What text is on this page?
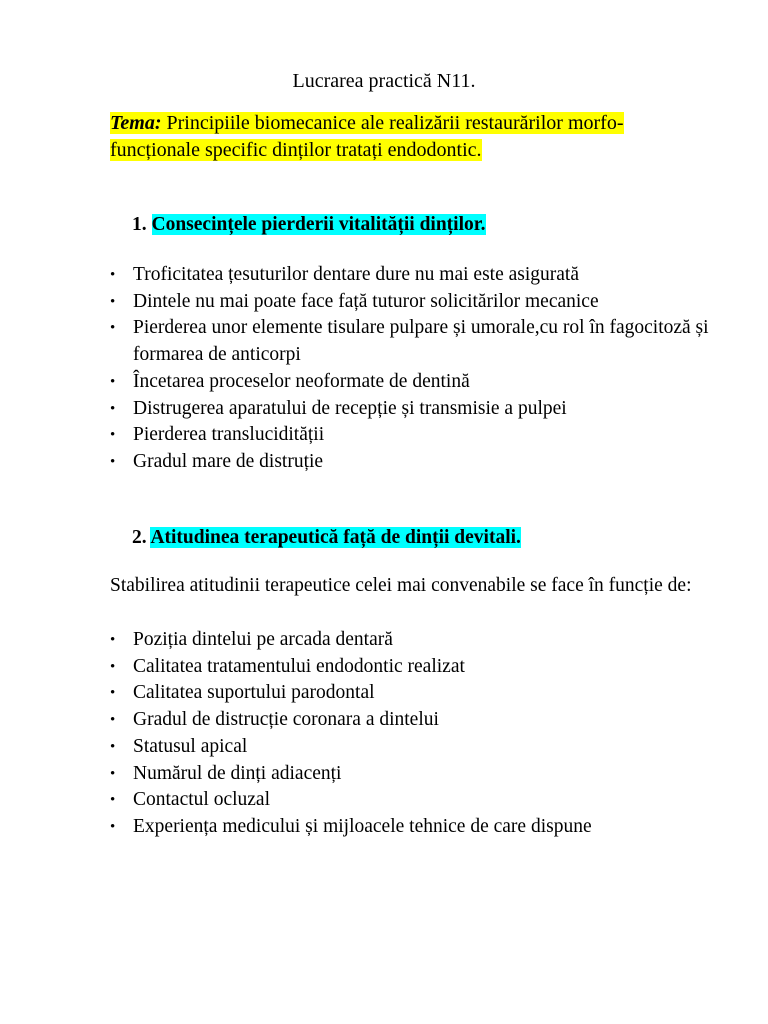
Lucrarea practică N11.
Tema: Principiile biomecanice ale realizării restaurărilor morfo-funcționale specific dinților tratați endodontic.
1. Consecințele pierderii vitalității dinților.
• Troficitatea țesuturilor dentare dure nu mai este asigurată
• Dintele nu mai poate face față tuturor solicitărilor mecanice
• Pierderea unor elemente tisulare pulpare și umorale,cu rol în fagocitoză și formarea de anticorpi
• Încetarea proceselor neoformate de dentină
• Distrugerea aparatului de recepție și transmisie a pulpei
• Pierderea translucidității
• Gradul mare de distruție
2. Atitudinea terapeutică față de dinții devitali.
Stabilirea atitudinii terapeutice celei mai convenabile se face în funcție de:
• Poziția dintelui pe arcada dentară
• Calitatea tratamentului endodontic realizat
• Calitatea suportului parodontal
• Gradul de distrucție coronara a dintelui
• Statusul apical
• Numărul de dinți adiacenți
• Contactul ocluzal
• Experiența medicului și mijloacele tehnice de care dispune
